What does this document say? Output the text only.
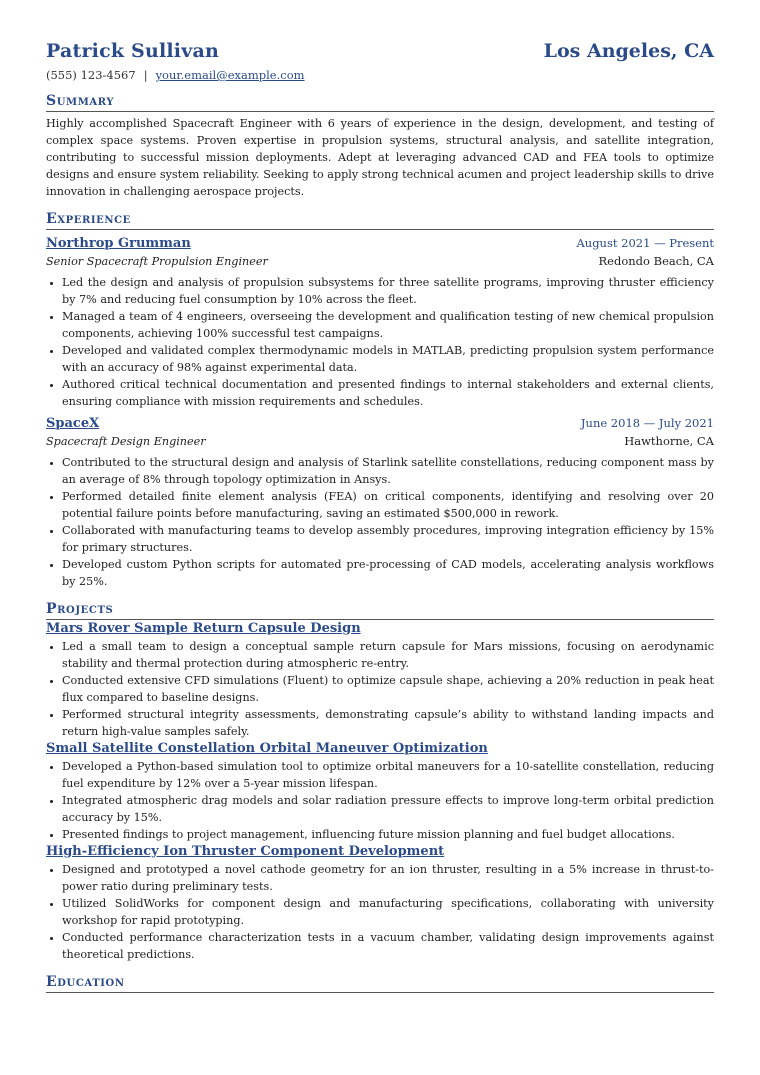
Patrick Sullivan	Los Angeles, CA
(555) 123-4567 | your.email@example.com
Summary
Highly accomplished Spacecraft Engineer with 6 years of experience in the design, development, and testing of complex space systems. Proven expertise in propulsion systems, structural analysis, and satellite integration, contributing to successful mission deployments. Adept at leveraging advanced CAD and FEA tools to optimize designs and ensure system reliability. Seeking to apply strong technical acumen and project leadership skills to drive innovation in challenging aerospace projects.
Experience
Northrop Grumman	August 2021 — Present
Senior Spacecraft Propulsion Engineer	Redondo Beach, CA
• Led the design and analysis of propulsion subsystems for three satellite programs, improving thruster efficiency by 7% and reducing fuel consumption by 10% across the fleet.
• Managed a team of 4 engineers, overseeing the development and qualification testing of new chemical propulsion components, achieving 100% successful test campaigns.
• Developed and validated complex thermodynamic models in MATLAB, predicting propulsion system performance with an accuracy of 98% against experimental data.
• Authored critical technical documentation and presented findings to internal stakeholders and external clients, ensuring compliance with mission requirements and schedules.
SpaceX	June 2018 — July 2021
Spacecraft Design Engineer	Hawthorne, CA
• Contributed to the structural design and analysis of Starlink satellite constellations, reducing component mass by an average of 8% through topology optimization in Ansys.
• Performed detailed finite element analysis (FEA) on critical components, identifying and resolving over 20 potential failure points before manufacturing, saving an estimated $500,000 in rework.
• Collaborated with manufacturing teams to develop assembly procedures, improving integration efficiency by 15% for primary structures.
• Developed custom Python scripts for automated pre-processing of CAD models, accelerating analysis workflows by 25%.
Projects
Mars Rover Sample Return Capsule Design
• Led a small team to design a conceptual sample return capsule for Mars missions, focusing on aerodynamic stability and thermal protection during atmospheric re-entry.
• Conducted extensive CFD simulations (Fluent) to optimize capsule shape, achieving a 20% reduction in peak heat flux compared to baseline designs.
• Performed structural integrity assessments, demonstrating capsule’s ability to withstand landing impacts and return high-value samples safely.
Small Satellite Constellation Orbital Maneuver Optimization
• Developed a Python-based simulation tool to optimize orbital maneuvers for a 10-satellite constellation, reducing fuel expenditure by 12% over a 5-year mission lifespan.
• Integrated atmospheric drag models and solar radiation pressure effects to improve long-term orbital prediction accuracy by 15%.
• Presented findings to project management, influencing future mission planning and fuel budget allocations.
High-Efficiency Ion Thruster Component Development
• Designed and prototyped a novel cathode geometry for an ion thruster, resulting in a 5% increase in thrust-to-power ratio during preliminary tests.
• Utilized SolidWorks for component design and manufacturing specifications, collaborating with university workshop for rapid prototyping.
• Conducted performance characterization tests in a vacuum chamber, validating design improvements against theoretical predictions.
Education
